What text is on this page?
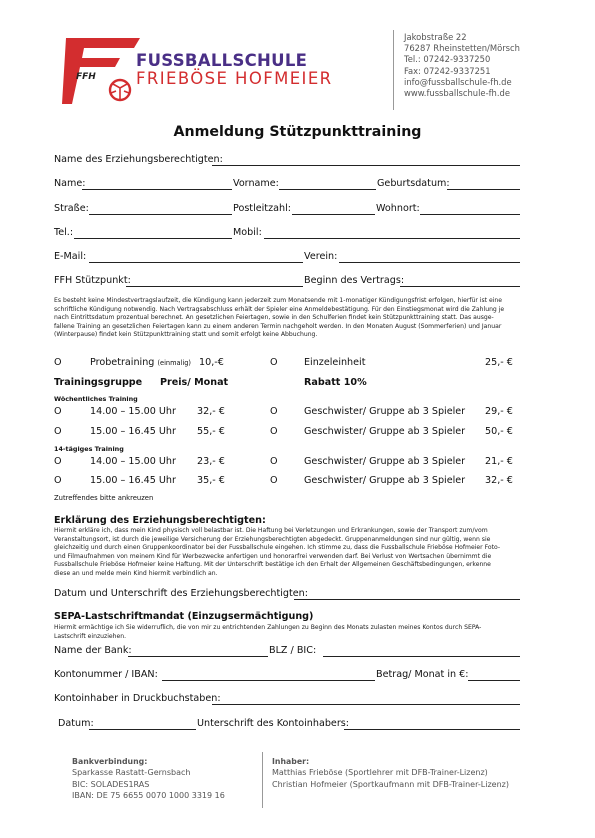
FFH
FUSSBALLSCHULE
FRIEBÖSE HOFMEIER
Jakobstraße 22
76287 Rheinstetten/Mörsch
Tel.: 07242-9337250
Fax: 07242-9337251
info@fussballschule-fh.de
www.fussballschule-fh.de
Anmeldung Stützpunkttraining
Name des Erziehungsberechtigten:
Name:	Vorname:	Geburtsdatum:
Straße:	Postleitzahl:	Wohnort:
Tel.:	Mobil:
E-Mail:	Verein:
FFH Stützpunkt:	Beginn des Vertrags:
Es besteht keine Mindestvertragslaufzeit, die Kündigung kann jederzeit zum Monatsende mit 1-monatiger Kündigungsfrist erfolgen, hierfür ist eine
schriftliche Kündigung notwendig. Nach Vertragsabschluss erhält der Spieler eine Anmeldebestätigung. Für den Einstiegsmonat wird die Zahlung je
nach Eintrittsdatum prozentual berechnet. An gesetzlichen Feiertagen, sowie in den Schulferien findet kein Stützpunkttraining statt. Das ausge-
fallene Training an gesetzlichen Feiertagen kann zu einem anderen Termin nachgeholt werden. In den Monaten August (Sommerferien) und Januar
(Winterpause) findet kein Stützpunkttraining statt und somit erfolgt keine Abbuchung.
O	Probetraining (einmalig) 10,-€	O	Einzeleinheit	25,- €
Trainingsgruppe Preis/ Monat	Rabatt 10%
Wöchentliches Training
O	14.00 – 15.00 Uhr 32,- €	O	Geschwister/ Gruppe ab 3 Spieler 29,- €
O	15.00 – 16.45 Uhr 55,- €	O	Geschwister/ Gruppe ab 3 Spieler 50,- €
14-tägiges Training
O	14.00 – 15.00 Uhr 23,- €	O	Geschwister/ Gruppe ab 3 Spieler 21,- €
O	15.00 – 16.45 Uhr 35,- €	O	Geschwister/ Gruppe ab 3 Spieler 32,- €
Zutreffendes bitte ankreuzen
Erklärung des Erziehungsberechtigten:
Hiermit erkläre ich, dass mein Kind physisch voll belastbar ist. Die Haftung bei Verletzungen und Erkrankungen, sowie der Transport zum/vom
Veranstaltungsort, ist durch die jeweilige Versicherung der Erziehungsberechtigten abgedeckt. Gruppenanmeldungen sind nur gültig, wenn sie
gleichzeitig und durch einen Gruppenkoordinator bei der Fussballschule eingehen. Ich stimme zu, dass die Fussballschule Frieböse Hofmeier Foto-
und Filmaufnahmen von meinem Kind für Werbezwecke anfertigen und honorarfrei verwenden darf. Bei Verlust von Wertsachen übernimmt die
Fussballschule Frieböse Hofmeier keine Haftung. Mit der Unterschrift bestätige ich den Erhalt der Allgemeinen Geschäftsbedingungen, erkenne
diese an und melde mein Kind hiermit verbindlich an.
Datum und Unterschrift des Erziehungsberechtigten:
SEPA-Lastschriftmandat (Einzugsermächtigung)
Hiermit ermächtige ich Sie widerruflich, die von mir zu entrichtenden Zahlungen zu Beginn des Monats zulasten meines Kontos durch SEPA-
Lastschrift einzuziehen.
Name der Bank:	BLZ / BIC:
Kontonummer / IBAN:	Betrag/ Monat in €:
Kontoinhaber in Druckbuchstaben:
Datum:	Unterschrift des Kontoinhabers:
Bankverbindung:
Sparkasse Rastatt-Gernsbach
BIC: SOLADES1RAS
IBAN: DE 75 6655 0070 1000 3319 16
Inhaber:
Matthias Frieböse (Sportlehrer mit DFB-Trainer-Lizenz)
Christian Hofmeier (Sportkaufmann mit DFB-Trainer-Lizenz)
